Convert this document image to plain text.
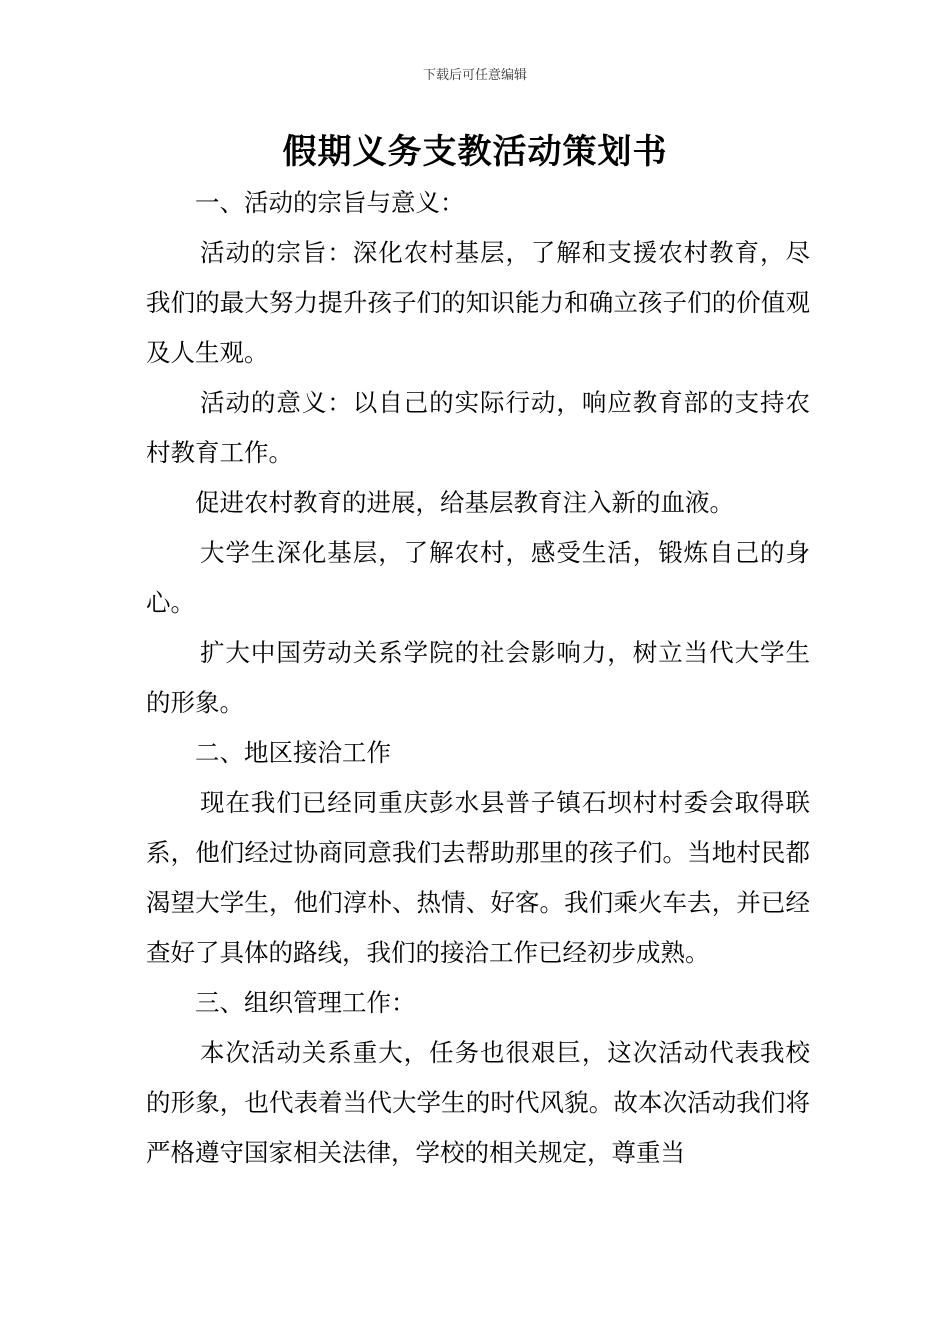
下载后可任意编辑
假期义务支教活动策划书

一、活动的宗旨与意义：

活动的宗旨：深化农村基层，了解和支援农村教育，尽我们的最大努力提升孩子们的知识能力和确立孩子们的价值观及人生观。

活动的意义：以自己的实际行动，响应教育部的支持农村教育工作。

促进农村教育的进展，给基层教育注入新的血液。

大学生深化基层，了解农村，感受生活，锻炼自己的身心。

扩大中国劳动关系学院的社会影响力，树立当代大学生的形象。

二、地区接洽工作

现在我们已经同重庆彭水县普子镇石坝村村委会取得联系，他们经过协商同意我们去帮助那里的孩子们。当地村民都渴望大学生，他们淳朴、热情、好客。我们乘火车去，并已经查好了具体的路线，我们的接洽工作已经初步成熟。

三、组织管理工作：

本次活动关系重大，任务也很艰巨，这次活动代表我校的形象，也代表着当代大学生的时代风貌。故本次活动我们将严格遵守国家相关法律，学校的相关规定，尊重当
